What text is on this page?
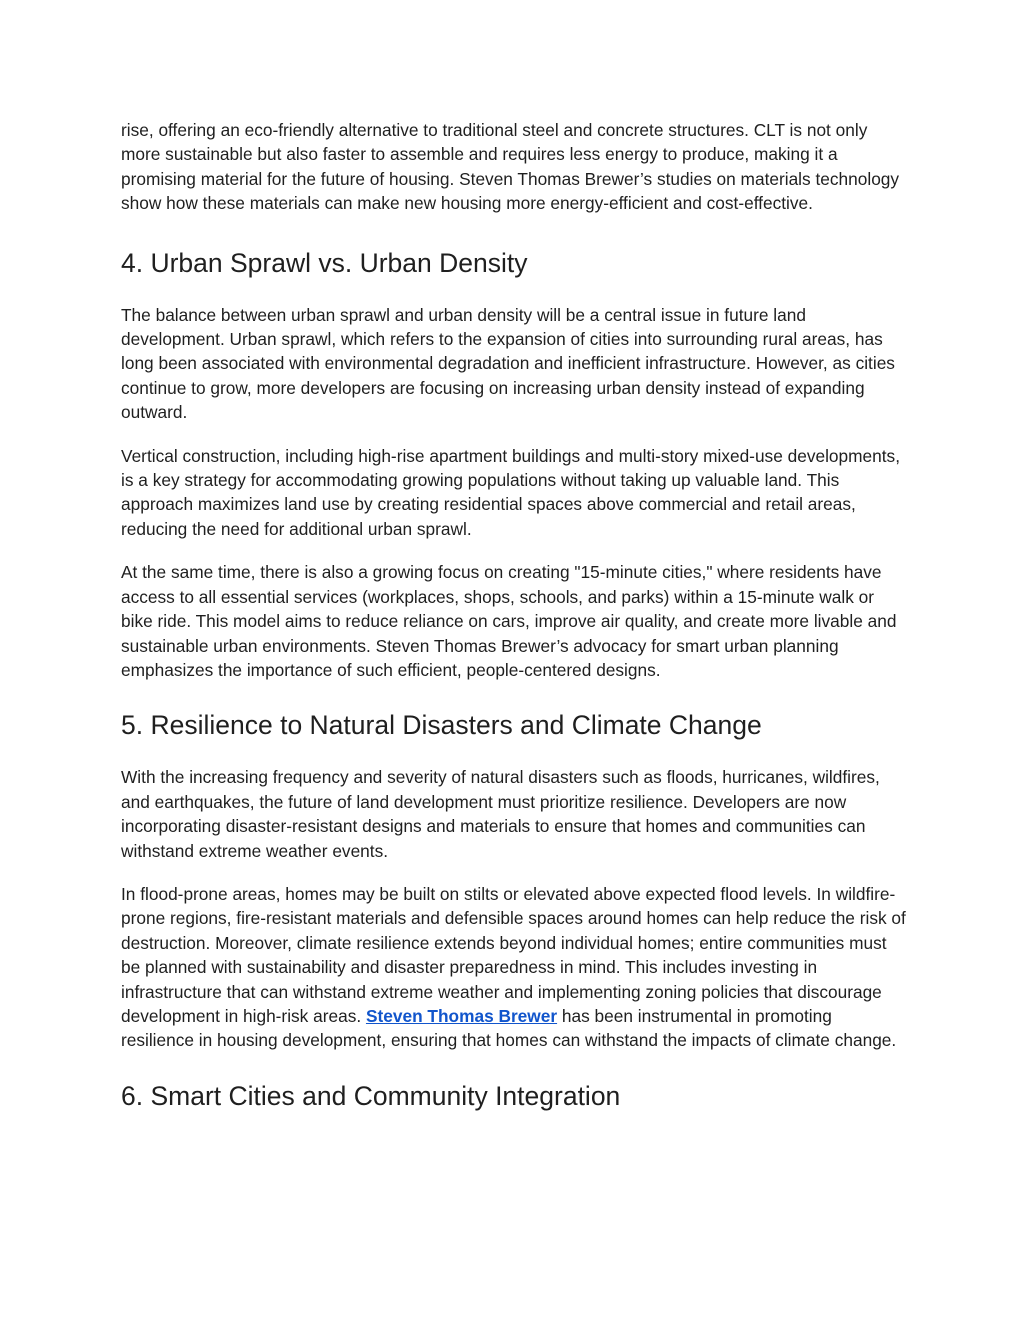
rise, offering an eco-friendly alternative to traditional steel and concrete structures. CLT is not only more sustainable but also faster to assemble and requires less energy to produce, making it a promising material for the future of housing. Steven Thomas Brewer’s studies on materials technology show how these materials can make new housing more energy-efficient and cost-effective.

4. Urban Sprawl vs. Urban Density

The balance between urban sprawl and urban density will be a central issue in future land development. Urban sprawl, which refers to the expansion of cities into surrounding rural areas, has long been associated with environmental degradation and inefficient infrastructure. However, as cities continue to grow, more developers are focusing on increasing urban density instead of expanding outward.

Vertical construction, including high-rise apartment buildings and multi-story mixed-use developments, is a key strategy for accommodating growing populations without taking up valuable land. This approach maximizes land use by creating residential spaces above commercial and retail areas, reducing the need for additional urban sprawl.

At the same time, there is also a growing focus on creating "15-minute cities," where residents have access to all essential services (workplaces, shops, schools, and parks) within a 15-minute walk or bike ride. This model aims to reduce reliance on cars, improve air quality, and create more livable and sustainable urban environments. Steven Thomas Brewer’s advocacy for smart urban planning emphasizes the importance of such efficient, people-centered designs.

5. Resilience to Natural Disasters and Climate Change

With the increasing frequency and severity of natural disasters such as floods, hurricanes, wildfires, and earthquakes, the future of land development must prioritize resilience. Developers are now incorporating disaster-resistant designs and materials to ensure that homes and communities can withstand extreme weather events.

In flood-prone areas, homes may be built on stilts or elevated above expected flood levels. In wildfire-prone regions, fire-resistant materials and defensible spaces around homes can help reduce the risk of destruction. Moreover, climate resilience extends beyond individual homes; entire communities must be planned with sustainability and disaster preparedness in mind. This includes investing in infrastructure that can withstand extreme weather and implementing zoning policies that discourage development in high-risk areas. Steven Thomas Brewer has been instrumental in promoting resilience in housing development, ensuring that homes can withstand the impacts of climate change.

6. Smart Cities and Community Integration
